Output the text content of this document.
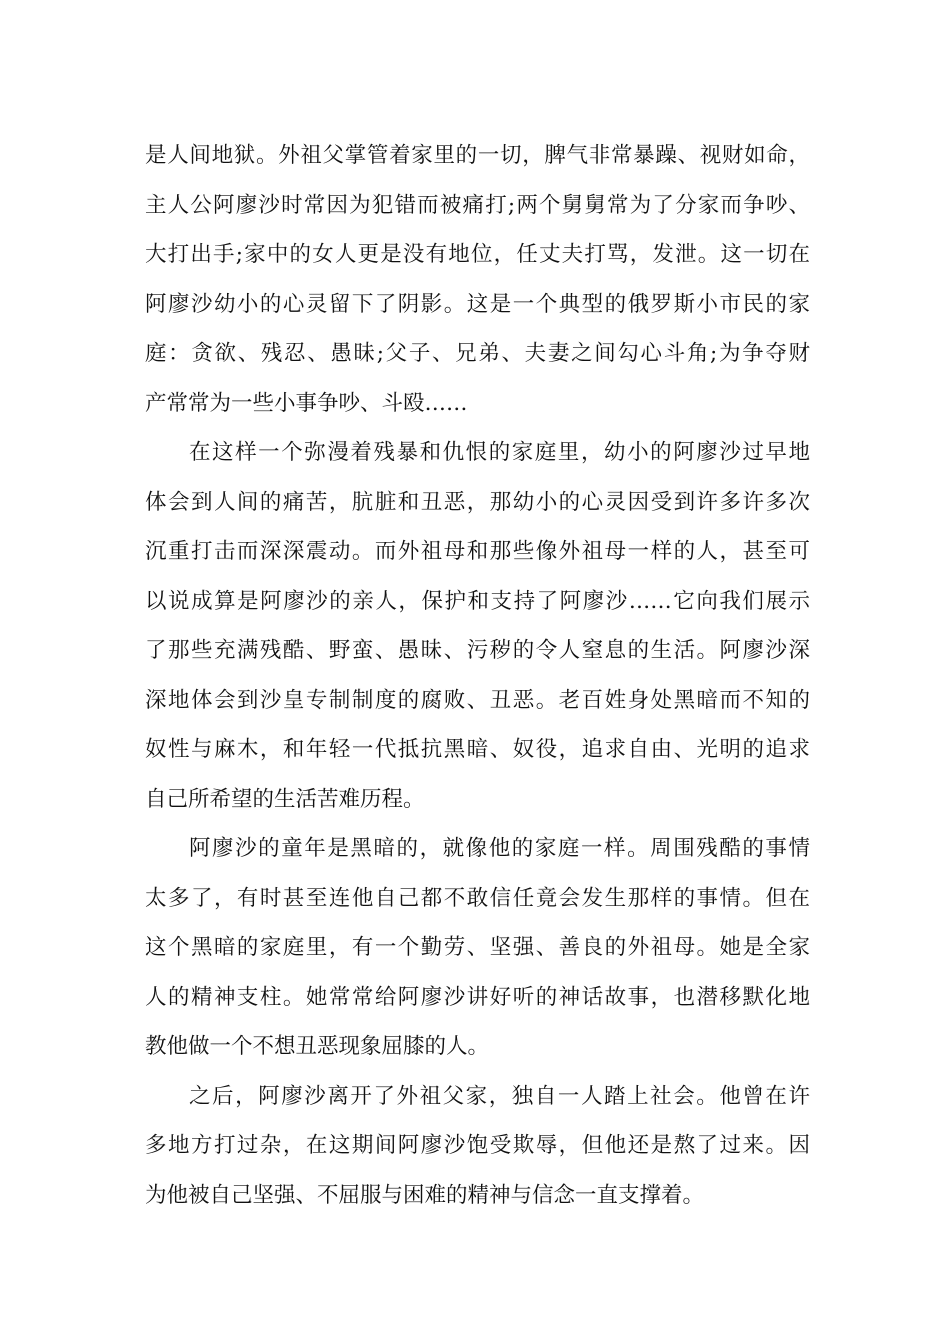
是人间地狱。外祖父掌管着家里的一切，脾气非常暴躁、视财如命，
主人公阿廖沙时常因为犯错而被痛打;两个舅舅常为了分家而争吵、
大打出手;家中的女人更是没有地位，任丈夫打骂，发泄。这一切在
阿廖沙幼小的心灵留下了阴影。这是一个典型的俄罗斯小市民的家
庭：贪欲、残忍、愚昧;父子、兄弟、夫妻之间勾心斗角;为争夺财
产常常为一些小事争吵、斗殴……
在这样一个弥漫着残暴和仇恨的家庭里，幼小的阿廖沙过早地
体会到人间的痛苦，肮脏和丑恶，那幼小的心灵因受到许多许多次
沉重打击而深深震动。而外祖母和那些像外祖母一样的人，甚至可
以说成算是阿廖沙的亲人，保护和支持了阿廖沙……它向我们展示
了那些充满残酷、野蛮、愚昧、污秽的令人窒息的生活。阿廖沙深
深地体会到沙皇专制制度的腐败、丑恶。老百姓身处黑暗而不知的
奴性与麻木，和年轻一代抵抗黑暗、奴役，追求自由、光明的追求
自己所希望的生活苦难历程。
阿廖沙的童年是黑暗的，就像他的家庭一样。周围残酷的事情
太多了，有时甚至连他自己都不敢信任竟会发生那样的事情。但在
这个黑暗的家庭里，有一个勤劳、坚强、善良的外祖母。她是全家
人的精神支柱。她常常给阿廖沙讲好听的神话故事，也潜移默化地
教他做一个不想丑恶现象屈膝的人。
之后，阿廖沙离开了外祖父家，独自一人踏上社会。他曾在许
多地方打过杂，在这期间阿廖沙饱受欺辱，但他还是熬了过来。因
为他被自己坚强、不屈服与困难的精神与信念一直支撑着。
